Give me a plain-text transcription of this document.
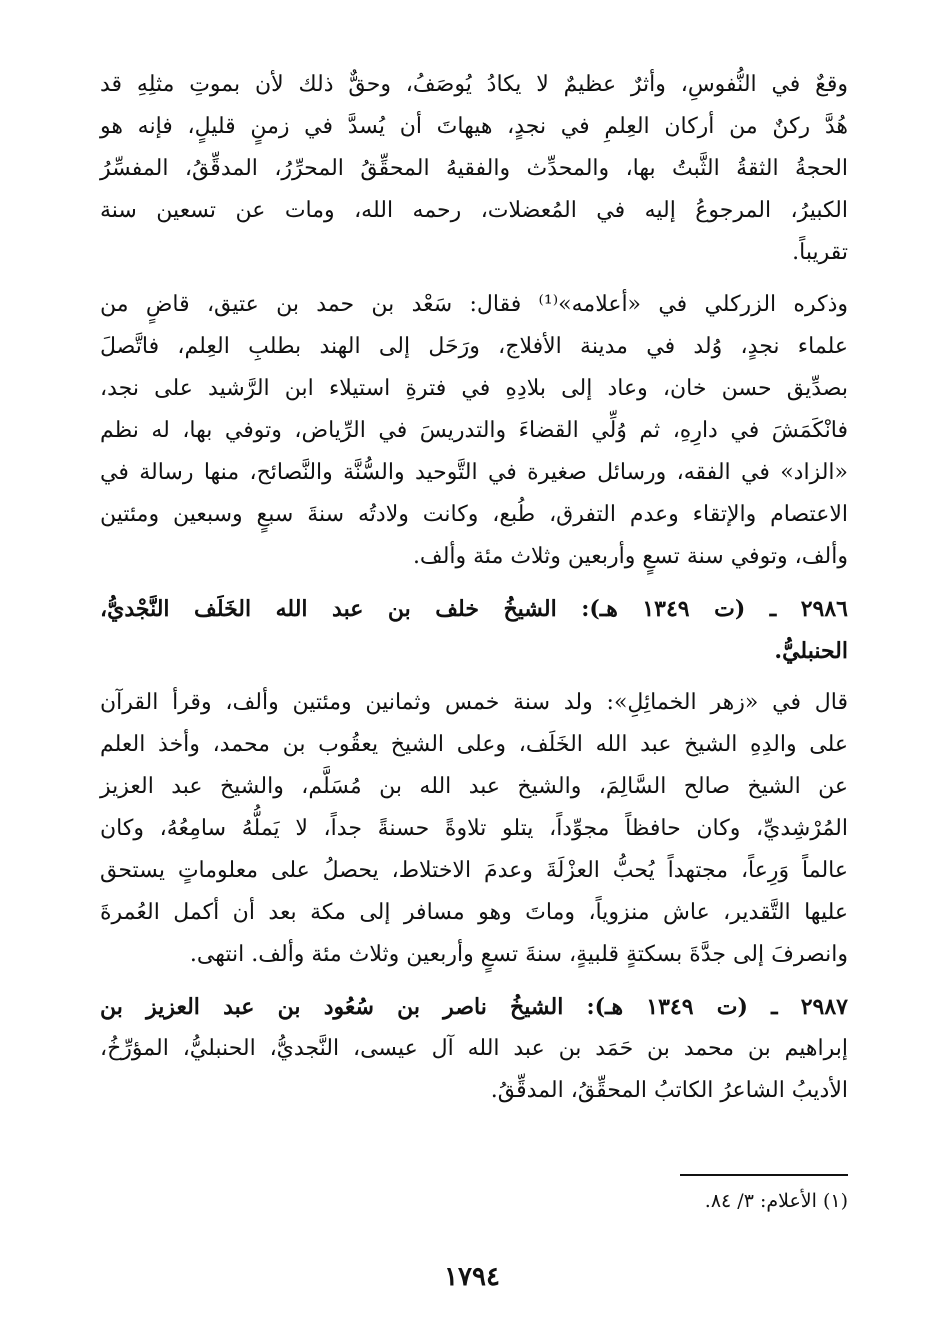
وقعٌ في النُّفوسِ، وأثرٌ عظيمٌ لا يكادُ يُوصَفُ، وحقٌّ ذلك لأن بموتِ مثلِهِ قد
هُدَّ ركنٌ من أركان العِلمِ في نجدٍ، هيهاتَ أن يُسدَّ في زمنٍ قليلٍ، فإنه هو
الحجةُ الثقةُ الثَّبتُ بها، والمحدِّث والفقيهُ المحقِّقُ المحرِّرُ، المدقِّقُ، المفسِّرُ
الكبيرُ، المرجوعُ إليه في المُعضلات، رحمه الله، ومات عن تسعين سنة
تقريباً.
وذكره الزركلي في «أعلامه»⁽¹⁾ فقال: سَعْد بن حمد بن عتيق، قاضٍ من
علماء نجدٍ، وُلد في مدينة الأفلاج، ورَحَل إلى الهند بطلبِ العِلم، فاتَّصلَ
بصدِّيق حسن خان، وعاد إلى بلادِهِ في فترةِ استيلاء ابن الرَّشيد على نجد،
فانْكَمَشَ في دارِهِ، ثم وُلِّي القضاءَ والتدريسَ في الرِّياض، وتوفي بها، له نظم
«الزاد» في الفقه، ورسائل صغيرة في التَّوحيد والسُّنَّة والنَّصائح، منها رسالة في
الاعتصام والإتقاء وعدم التفرق، طُبع، وكانت ولادتُه سنةَ سبعٍ وسبعين ومئتين
وألف، وتوفي سنة تسعٍ وأربعين وثلاث مئة وألف.
٢٩٨٦ ـ (ت ١٣٤٩ هـ): الشيخُ خلف بن عبد الله الخَلَف النَّجْديُّ،
الحنبليُّ.
قال في «زهر الخمائِلِ»: ولد سنة خمس وثمانين ومئتين وألف، وقرأ القرآن
على والدِهِ الشيخ عبد الله الخَلَف، وعلى الشيخ يعقُوب بن محمد، وأخذ العلم
عن الشيخ صالح السَّالِمَ، والشيخ عبد الله بن مُسَلَّم، والشيخ عبد العزيز
المُرْشِديِّ، وكان حافظاً مجوِّداً، يتلو تلاوةً حسنةً جداً، لا يَملُّهُ سامِعُهُ، وكان
عالماً وَرِعاً، مجتهداً يُحبُّ العزْلَةَ وعدمَ الاختلاط، يحصلُ على معلوماتٍ يستحق
عليها التَّقدير، عاش منزوياً، وماتَ وهو مسافر إلى مكة بعد أن أكمل العُمرةَ
وانصرفَ إلى جدَّةَ بسكتةٍ قلبيةٍ، سنةَ تسعٍ وأربعين وثلاث مئة وألف. انتهى.
٢٩٨٧ ـ (ت ١٣٤٩ هـ): الشيخُ ناصر بن سُعُود بن عبد العزيز بن
إبراهيم بن محمد بن حَمَد بن عبد الله آل عيسى، النَّجديُّ، الحنبليُّ، المؤرِّخُ،
الأديبُ الشاعرُ الكاتبُ المحقِّقُ، المدقِّقُ.
(١) الأعلام: ٣/ ٨٤.
١٧٩٤
